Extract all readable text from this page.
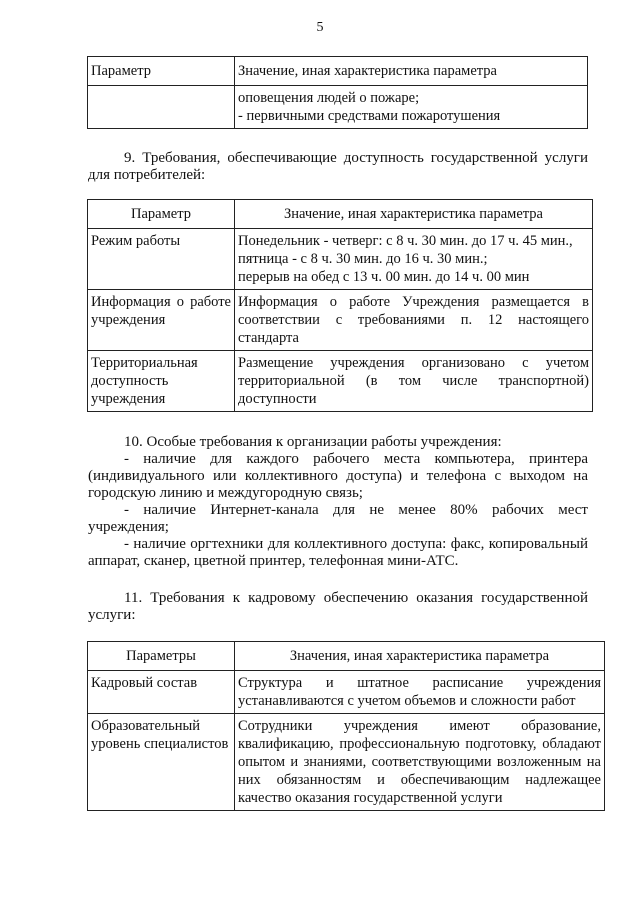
5
Параметр	Значение, иная характеристика параметра

	оповещения людей о пожаре;

- первичными средствами пожаротушения

9. Требования, обеспечивающие доступность государственной услуги для потребителей:
Параметр	Значение, иная характеристика параметра
Режим работы	Понедельник - четверг: с 8 ч. 30 мин. до 17 ч. 45 мин.,

пятница - с 8 ч. 30 мин. до 16 ч. 30 мин.;

перерыв на обед с 13 ч. 00 мин. до 14 ч. 00 мин

Информация о работе учреждения	Информация о работе Учреждения размещается в соответствии с требованиями п. 12 настоящего стандарта
Территориальная доступность учреждения	Размещение учреждения организовано с учетом территориальной (в том числе транспортной) доступности

10. Особые требования к организации работы учреждения:

- наличие для каждого рабочего места компьютера, принтера (индивидуального или коллективного доступа) и телефона с выходом на городскую линию и междугородную связь;

- наличие Интернет-канала для не менее 80% рабочих мест учреждения;

- наличие оргтехники для коллективного доступа: факс, копировальный аппарат, сканер, цветной принтер, телефонная мини-АТС.

11. Требования к кадровому обеспечению оказания государственной услуги:
Параметры	Значения, иная характеристика параметра
Кадровый состав	Структура и штатное расписание учреждения устанавливаются с учетом объемов и сложности работ
Образовательный уровень специалистов	Сотрудники учреждения имеют образование, квалификацию, профессиональную подготовку, обладают опытом и знаниями, соответствующими возложенным на них обязанностям и обеспечивающим надлежащее качество оказания государственной услуги
